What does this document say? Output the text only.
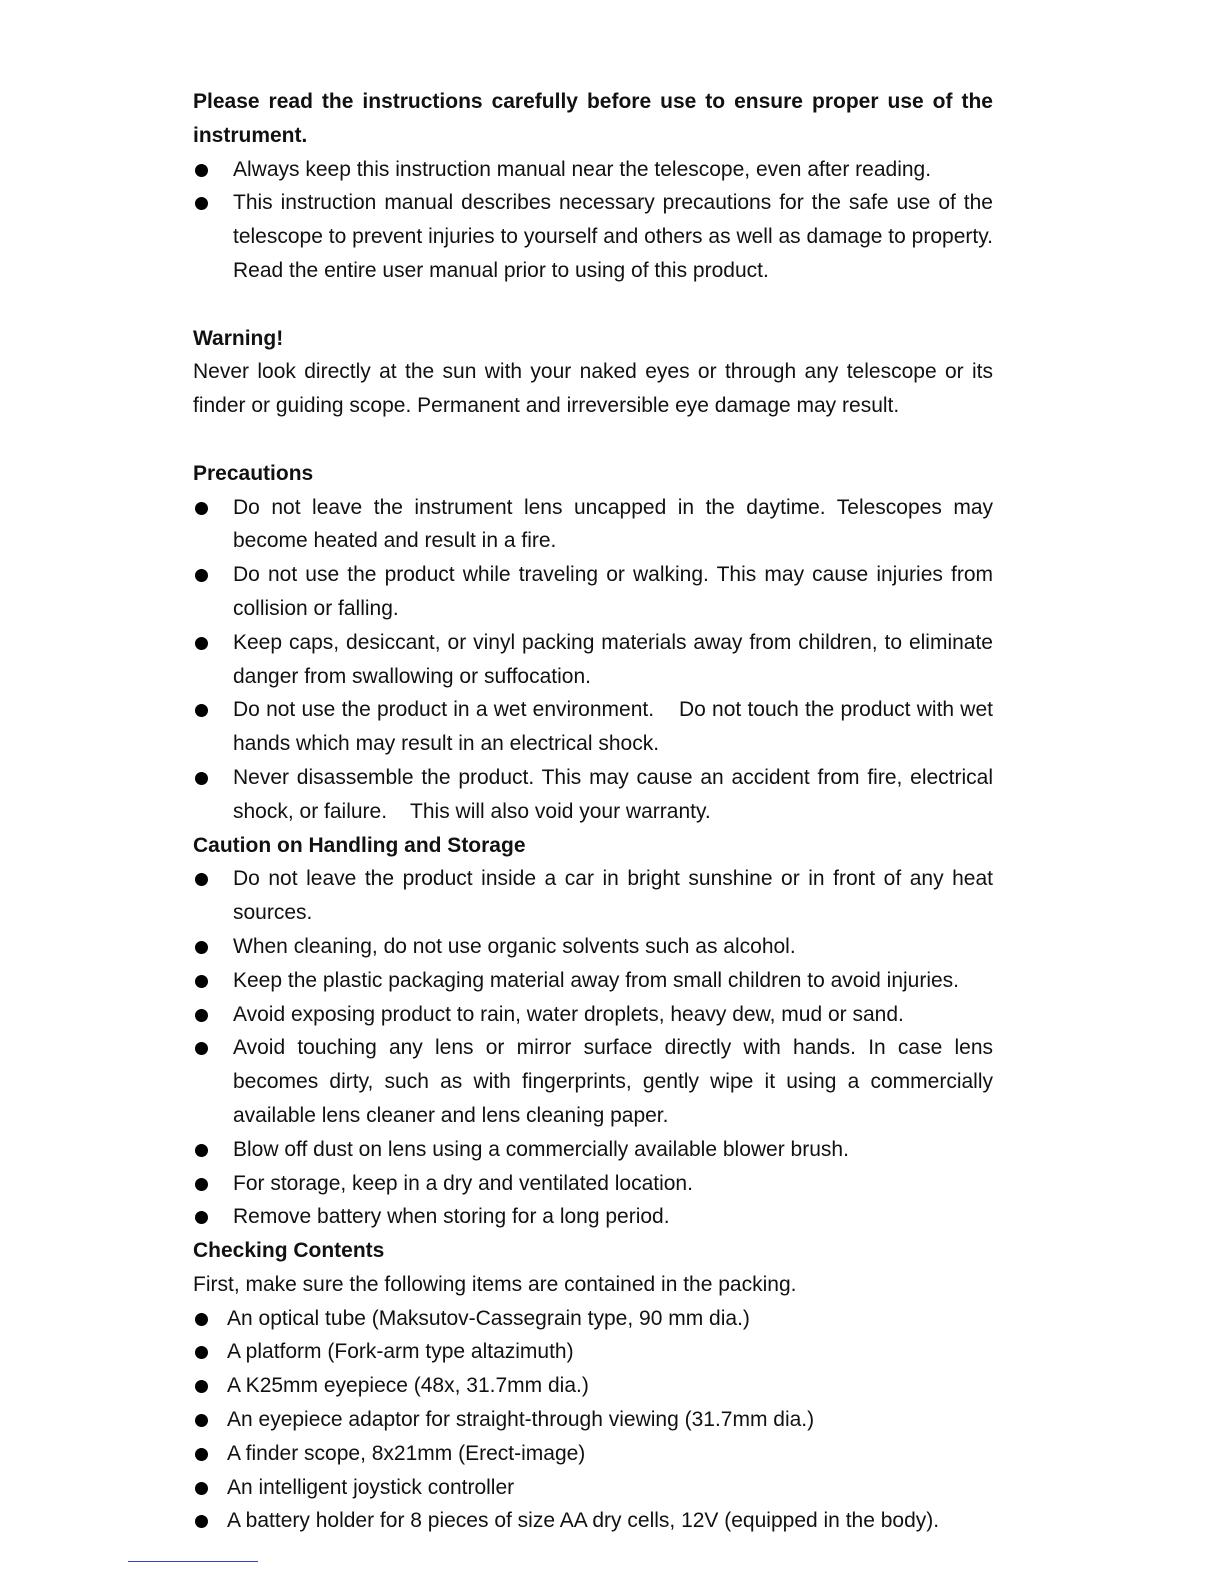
Please read the instructions carefully before use to ensure proper use of the instrument.

Always keep this instruction manual near the telescope, even after reading.
This instruction manual describes necessary precautions for the safe use of the telescope to prevent injuries to yourself and others as well as damage to property. Read the entire user manual prior to using of this product.

Warning!

Never look directly at the sun with your naked eyes or through any telescope or its finder or guiding scope. Permanent and irreversible eye damage may result.

Precautions

Do not leave the instrument lens uncapped in the daytime. Telescopes may become heated and result in a fire.
Do not use the product while traveling or walking. This may cause injuries from collision or falling.
Keep caps, desiccant, or vinyl packing materials away from children, to eliminate danger from swallowing or suffocation.
Do not use the product in a wet environment.    Do not touch the product with wet hands which may result in an electrical shock.
Never disassemble the product. This may cause an accident from fire, electrical shock, or failure.    This will also void your warranty.

Caution on Handling and Storage

Do not leave the product inside a car in bright sunshine or in front of any heat sources.
When cleaning, do not use organic solvents such as alcohol.
Keep the plastic packaging material away from small children to avoid injuries.
Avoid exposing product to rain, water droplets, heavy dew, mud or sand.
Avoid touching any lens or mirror surface directly with hands. In case lens becomes dirty, such as with fingerprints, gently wipe it using a commercially available lens cleaner and lens cleaning paper.
Blow off dust on lens using a commercially available blower brush.
For storage, keep in a dry and ventilated location.
Remove battery when storing for a long period.

Checking Contents

First, make sure the following items are contained in the packing.

An optical tube (Maksutov-Cassegrain type, 90 mm dia.)
A platform (Fork-arm type altazimuth)
A K25mm eyepiece (48x, 31.7mm dia.)
An eyepiece adaptor for straight-through viewing (31.7mm dia.)
A finder scope, 8x21mm (Erect-image)
An intelligent joystick controller
A battery holder for 8 pieces of size AA dry cells, 12V (equipped in the body).
